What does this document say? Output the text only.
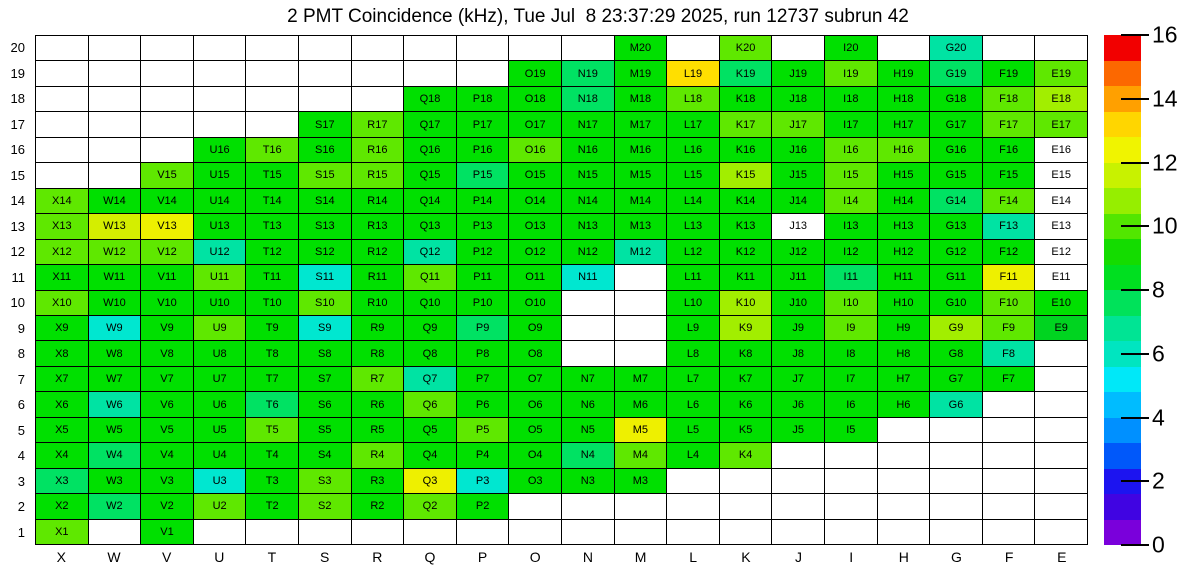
2 PMT Coincidence (kHz), Tue Jul  8 23:37:29 2025, run 12737 subrun 42
20
19
18
17
16
15
14
13
12
11
10
9
8
7
6
5
4
3
2
1
M20	K20	I20	G20
O19	N19	M19	L19	K19	J19	I19	H19	G19	F19	E19
Q18	P18	O18	N18	M18	L18	K18	J18	I18	H18	G18	F18	E18
S17	R17	Q17	P17	O17	N17	M17	L17	K17	J17	I17	H17	G17	F17	E17
U16	T16	S16	R16	Q16	P16	O16	N16	M16	L16	K16	J16	I16	H16	G16	F16	E16
V15	U15	T15	S15	R15	Q15	P15	O15	N15	M15	L15	K15	J15	I15	H15	G15	F15	E15
X14	W14	V14	U14	T14	S14	R14	Q14	P14	O14	N14	M14	L14	K14	J14	I14	H14	G14	F14	E14
X13	W13	V13	U13	T13	S13	R13	Q13	P13	O13	N13	M13	L13	K13	J13	I13	H13	G13	F13	E13
X12	W12	V12	U12	T12	S12	R12	Q12	P12	O12	N12	M12	L12	K12	J12	I12	H12	G12	F12	E12
X11	W11	V11	U11	T11	S11	R11	Q11	P11	O11	N11	L11	K11	J11	I11	H11	G11	F11	E11
X10	W10	V10	U10	T10	S10	R10	Q10	P10	O10	L10	K10	J10	I10	H10	G10	F10	E10
X9	W9	V9	U9	T9	S9	R9	Q9	P9	O9	L9	K9	J9	I9	H9	G9	F9	E9
X8	W8	V8	U8	T8	S8	R8	Q8	P8	O8	L8	K8	J8	I8	H8	G8	F8
X7	W7	V7	U7	T7	S7	R7	Q7	P7	O7	N7	M7	L7	K7	J7	I7	H7	G7	F7
X6	W6	V6	U6	T6	S6	R6	Q6	P6	O6	N6	M6	L6	K6	J6	I6	H6	G6
X5	W5	V5	U5	T5	S5	R5	Q5	P5	O5	N5	M5	L5	K5	J5	I5
X4	W4	V4	U4	T4	S4	R4	Q4	P4	O4	N4	M4	L4	K4
X3	W3	V3	U3	T3	S3	R3	Q3	P3	O3	N3	M3
X2	W2	V2	U2	T2	S2	R2	Q2	P2
X1	V1
X	W	V	U	T	S	R	Q	P	O	N	M	L	K	J	I	H	G	F	E	0
2
4
6
8
10
12
14
16
